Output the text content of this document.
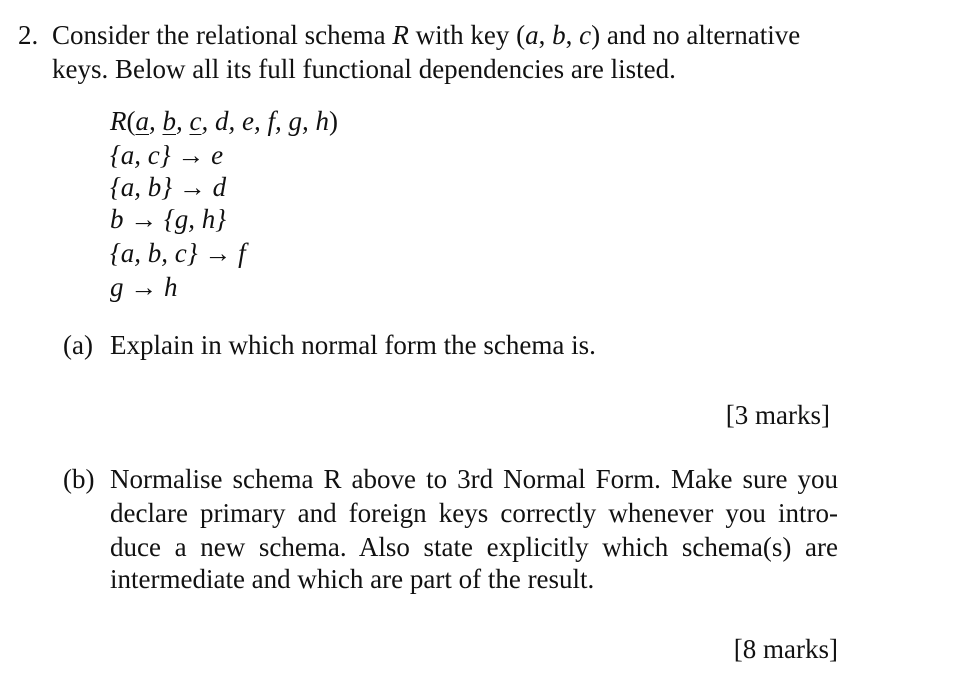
2. Consider the relational schema R with key (a, b, c) and no alternative
keys. Below all its full functional dependencies are listed.
R(a, b, c, d, e, f, g, h)
{a, c} → e
{a, b} → d
b → {g, h}
{a, b, c} → f
g → h
(a) Explain in which normal form the schema is.
[3 marks]
(b) Normalise schema R above to 3rd Normal Form. Make sure you
declare primary and foreign keys correctly whenever you intro-
duce a new schema. Also state explicitly which schema(s) are
intermediate and which are part of the result.
[8 marks]
